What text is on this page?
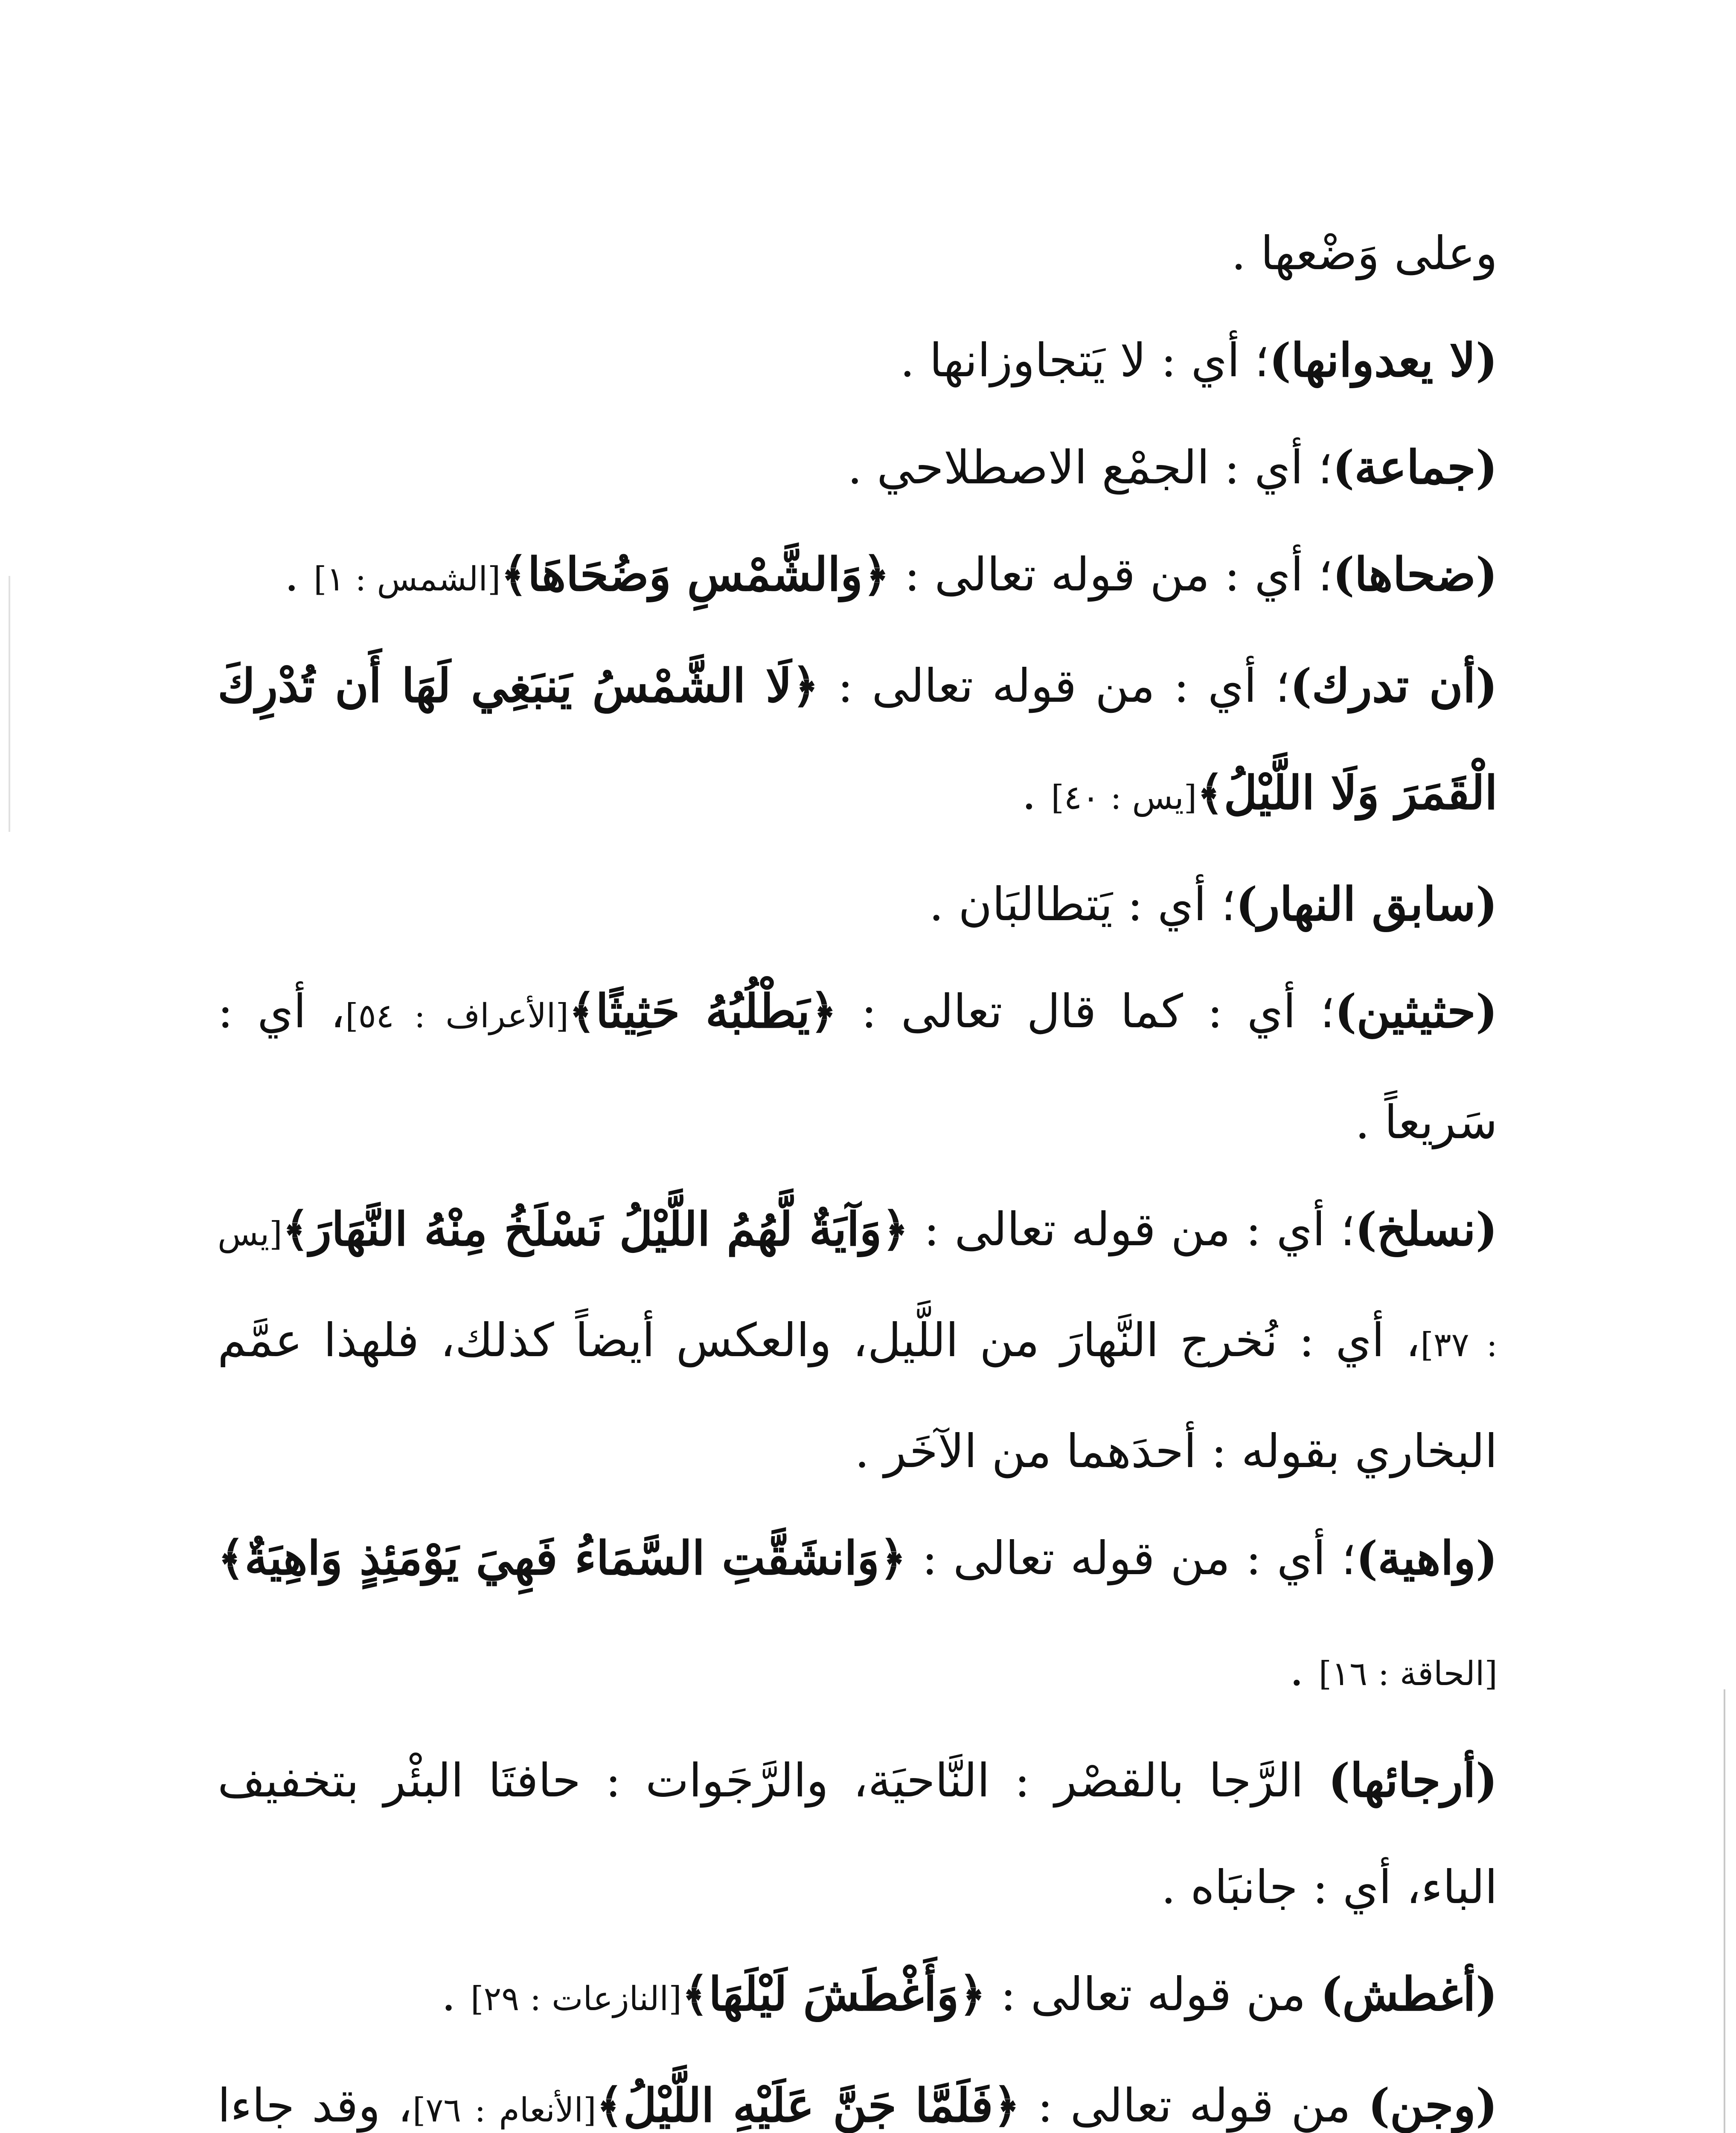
وعلى وَضْعها .

(لا يعدوانها)؛ أي : لا يَتجاوزانها .

(جماعة)؛ أي : الجمْع الاصطلاحي .

(ضحاها)؛ أي : من قوله تعالى : ﴿وَالشَّمْسِ وَضُحَاهَا﴾[الشمس : ١] .

(أن تدرك)؛ أي : من قوله تعالى : ﴿لَا الشَّمْسُ يَنبَغِي لَهَا أَن تُدْرِكَ الْقَمَرَ وَلَا اللَّيْلُ﴾[يس : ٤٠] .

(سابق النهار)؛ أي : يَتطالبَان .

(حثيثين)؛ أي : كما قال تعالى : ﴿يَطْلُبُهُ حَثِيثًا﴾[الأعراف : ٥٤]، أي : سَريعاً .

(نسلخ)؛ أي : من قوله تعالى : ﴿وَآيَةٌ لَّهُمُ اللَّيْلُ نَسْلَخُ مِنْهُ النَّهَارَ﴾[يس : ٣٧]، أي : نُخرج النَّهارَ من اللَّيل، والعكس أيضاً كذلك، فلهذا عمَّم البخاري بقوله : أحدَهما من الآخَر .

(واهية)؛ أي : من قوله تعالى : ﴿وَانشَقَّتِ السَّمَاءُ فَهِيَ يَوْمَئِذٍ وَاهِيَةٌ﴾ [الحاقة : ١٦] .

(أرجائها) الرَّجا بالقصْر : النَّاحيَة، والرَّجَوات : حافتَا البئْر بتخفيف الباء، أي : جانبَاه .

(أغطش) من قوله تعالى : ﴿وَأَغْطَشَ لَيْلَهَا﴾[النازعات : ٢٩] .

(وجن) من قوله تعالى : ﴿فَلَمَّا جَنَّ عَلَيْهِ اللَّيْلُ﴾[الأنعام : ٧٦]، وقد جاءا
